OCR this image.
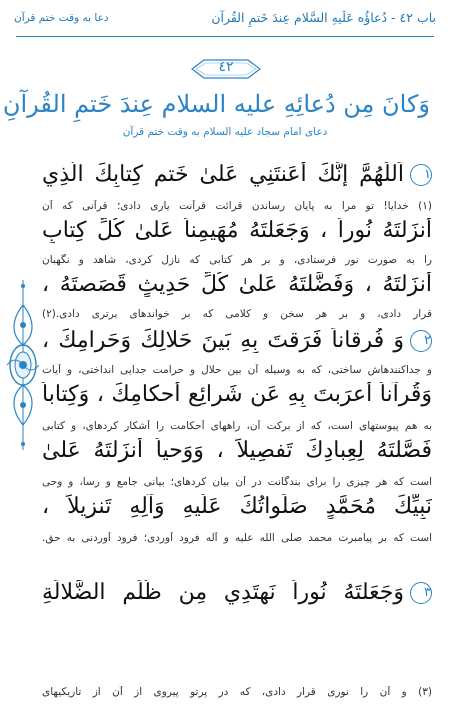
باب ٤٢ - دُعاؤُه عَلَيهِ السَّلام عِندَ خَتمِ القُرآن
دعا به وقت ختم قرآن
٤٢
وَكانَ مِن دُعائِهِ عليه السلام عِندَ خَتمِ القُرآنِ
دعای امام سجاد علیه السلام به وقت ختم قرآن
١اَللّٰهُمَّ إِنَّكَ أَعَنتَنِي عَلىٰ خَتمِ كِتابِكَ الَّذِي
(١) خدایا! تو مرا به پایان رساندن قرائت قرآنت یاری دادی؛ قرآنی که آن
أَنزَلتَهُ نُوراً ، وَجَعَلتَهُ مُهَيمِناً عَلىٰ كُلِّ كِتابٍ
را به صورت نور فرستادی، و بر هر کتابی که نازل کردی، شاهد و نگهبان
أَنزَلتَهُ ، وَفَضَّلتَهُ عَلىٰ كُلِّ حَدِيثٍ قَصَصتَهُ ،
قرار دادی، و بر هر سخن و کلامی که بر خواندهای برتری دادی.(٢)
٢وَ فُرقاناً فَرَقتَ بِهِ بَينَ حَلالِكَ وَحَرامِكَ ،
و جداکنندهاش ساختی، که به وسیله آن بین حلال و حرامت جدایی انداختی، و آیات
وَقُرآناً أَعرَبتَ بِهِ عَن شَرائِعِ أَحكامِكَ ، وَكِتاباً
به هم پیوستهای است، که از برکت آن، راههای آحکامت را آشکار کردهای، و کتابی
فَصَّلتَهُ لِعِبادِكَ تَفصِيلاً ، وَوَحياً أَنزَلتَهُ عَلىٰ
است که هر چیزی را برای بندگانت در آن بیان کردهای؛ بیانی جامع و رسا، و وحی
نَبِيِّكَ مُحَمَّدٍ صَلَواتُكَ عَلَيهِ وَآلِهِ تَنزِيلاً ،
است که بر پیامبرت محمد صلی الله علیه و آله فرود آوردی؛ فرود آوردنی به حق.
٣وَجَعَلتَهُ نُوراً نَهتَدِي مِن ظُلَمِ الضَّلالَةِ
(٣) و آن را نوری قرار دادی، که در پرتو پیروی از آن از تاریکیهای
